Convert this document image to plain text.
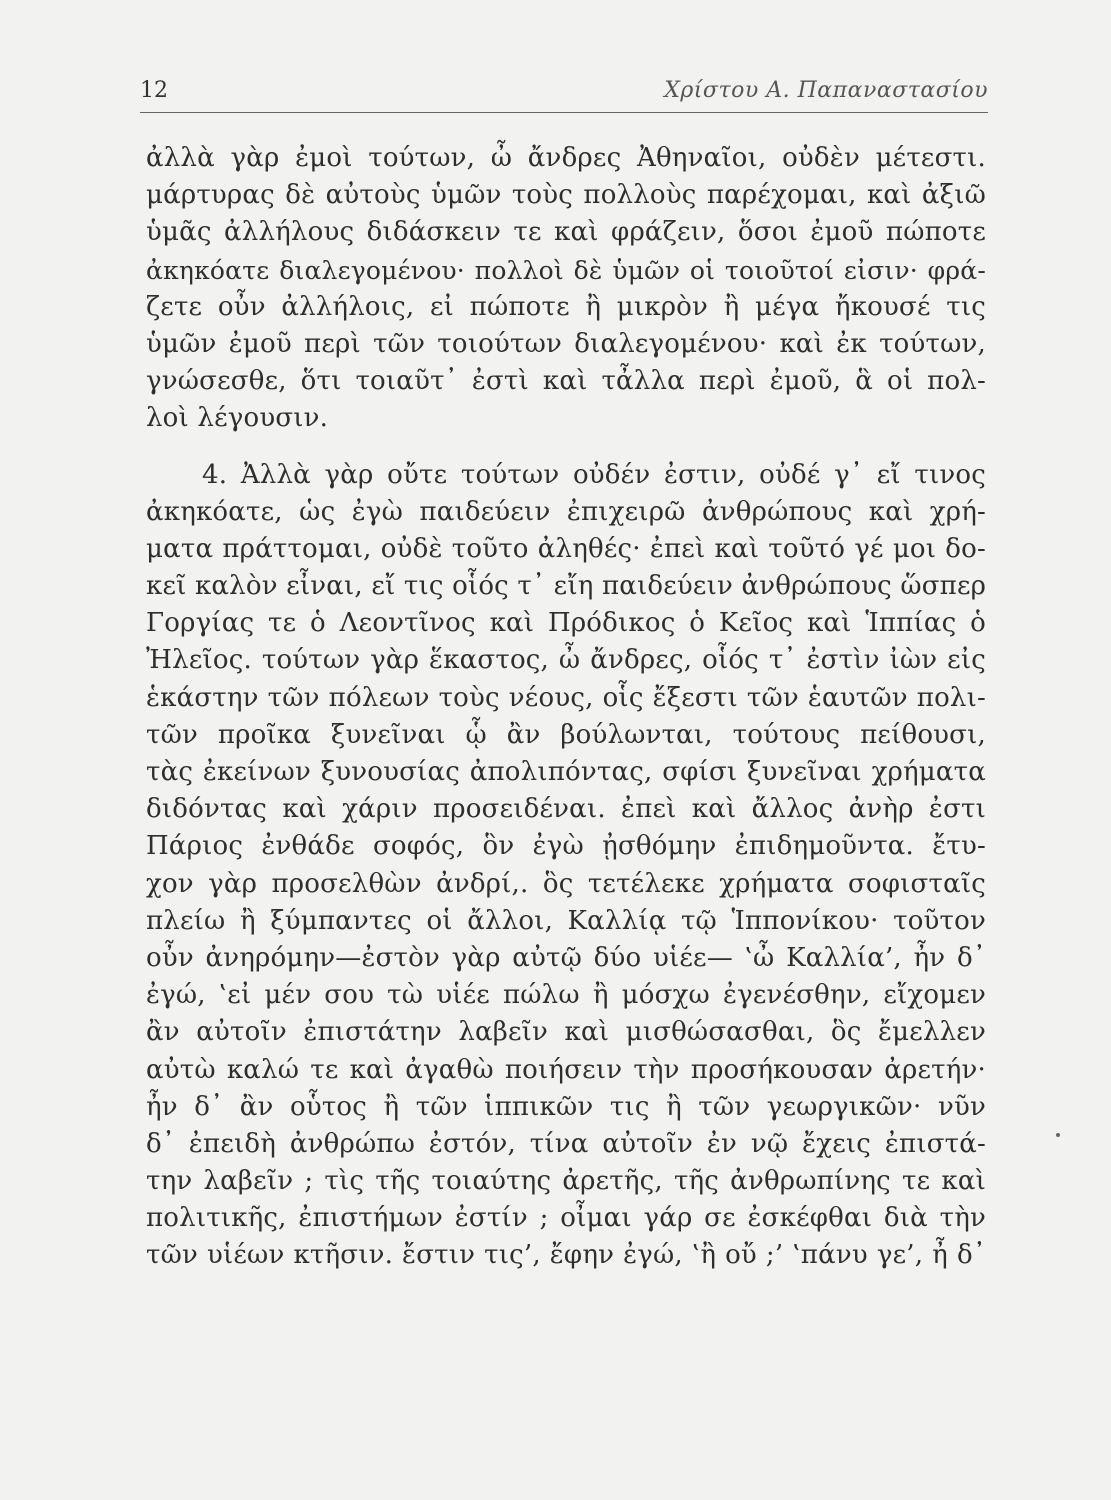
12	Χρίστου Α. Παπαναστασίου
ἀλλὰ γὰρ ἐμοὶ τούτων, ὦ ἄνδρες Ἀθηναῖοι, οὐδὲν μέτεστι.
μάρτυρας δὲ αὐτοὺς ὑμῶν τοὺς πολλοὺς παρέχομαι, καὶ ἀξιῶ
ὑμᾶς ἀλλήλους διδάσκειν τε καὶ φράζειν, ὅσοι ἐμοῦ πώποτε
ἀκηκόατε διαλεγομένου· πολλοὶ δὲ ὑμῶν οἱ τοιοῦτοί εἰσιν· φρά-
ζετε οὖν ἀλλήλοις, εἰ πώποτε ἢ μικρὸν ἢ μέγα ἤκουσέ τις
ὑμῶν ἐμοῦ περὶ τῶν τοιούτων διαλεγομένου· καὶ ἐκ τούτων,
γνώσεσθε, ὅτι τοιαῦτ᾽ ἐστὶ καὶ τἆλλα περὶ ἐμοῦ, ἃ οἱ πολ-
λοὶ λέγουσιν.
4. Ἀλλὰ γὰρ οὔτε τούτων οὐδέν ἐστιν, οὐδέ γ᾽ εἴ τινος
ἀκηκόατε, ὡς ἐγὼ παιδεύειν ἐπιχειρῶ ἀνθρώπους καὶ χρή-
ματα πράττομαι, οὐδὲ τοῦτο ἀληθές· ἐπεὶ καὶ τοῦτό γέ μοι δο-
κεῖ καλὸν εἶναι, εἴ τις οἷός τ᾽ εἴη παιδεύειν ἀνθρώπους ὥσπερ
Γοργίας τε ὁ Λεοντῖνος καὶ Πρόδικος ὁ Κεῖος καὶ Ἱππίας ὁ
Ἠλεῖος. τούτων γὰρ ἕκαστος, ὦ ἄνδρες, οἷός τ᾽ ἐστὶν ἰὼν εἰς
ἑκάστην τῶν πόλεων τοὺς νέους, οἷς ἔξεστι τῶν ἑαυτῶν πολι-
τῶν προῖκα ξυνεῖναι ᾧ ἂν βούλωνται, τούτους πείθουσι,
τὰς ἐκείνων ξυνουσίας ἀπολιπόντας, σφίσι ξυνεῖναι χρήματα
διδόντας καὶ χάριν προσειδέναι. ἐπεὶ καὶ ἄλλος ἀνὴρ ἐστι
Πάριος ἐνθάδε σοφός, ὃν ἐγὼ ᾐσθόμην ἐπιδημοῦντα. ἔτυ-
χον γὰρ προσελθὼν ἀνδρί,. ὃς τετέλεκε χρήματα σοφισταῖς
πλείω ἢ ξύμπαντες οἱ ἄλλοι, Καλλίᾳ τῷ Ἱππονίκου· τοῦτον
οὖν ἀνηρόμην—ἐστὸν γὰρ αὐτῷ δύο υἱέε— ‛ὦ Καλλία’, ἦν δ᾽
ἐγώ, ‛εἰ μέν σου τὼ υἱέε πώλω ἢ μόσχω ἐγενέσθην, εἴχομεν
ἂν αὐτοῖν ἐπιστάτην λαβεῖν καὶ μισθώσασθαι, ὃς ἔμελλεν
αὐτὼ καλώ τε καὶ ἀγαθὼ ποιήσειν τὴν προσήκουσαν ἀρετήν·
ἦν δ᾽ ἂν οὗτος ἢ τῶν ἱππικῶν τις ἢ τῶν γεωργικῶν· νῦν
δ᾽ ἐπειδὴ ἀνθρώπω ἐστόν, τίνα αὐτοῖν ἐν νῷ ἔχεις ἐπιστά-
την λαβεῖν ; τὶς τῆς τοιαύτης ἀρετῆς, τῆς ἀνθρωπίνης τε καὶ
πολιτικῆς, ἐπιστήμων ἐστίν ; οἶμαι γάρ σε ἐσκέφθαι διὰ τὴν
τῶν υἱέων κτῆσιν. ἔστιν τις’, ἔφην ἐγώ, ‛ἢ οὔ ;’ ‛πάνυ γε’, ἦ δ᾽
